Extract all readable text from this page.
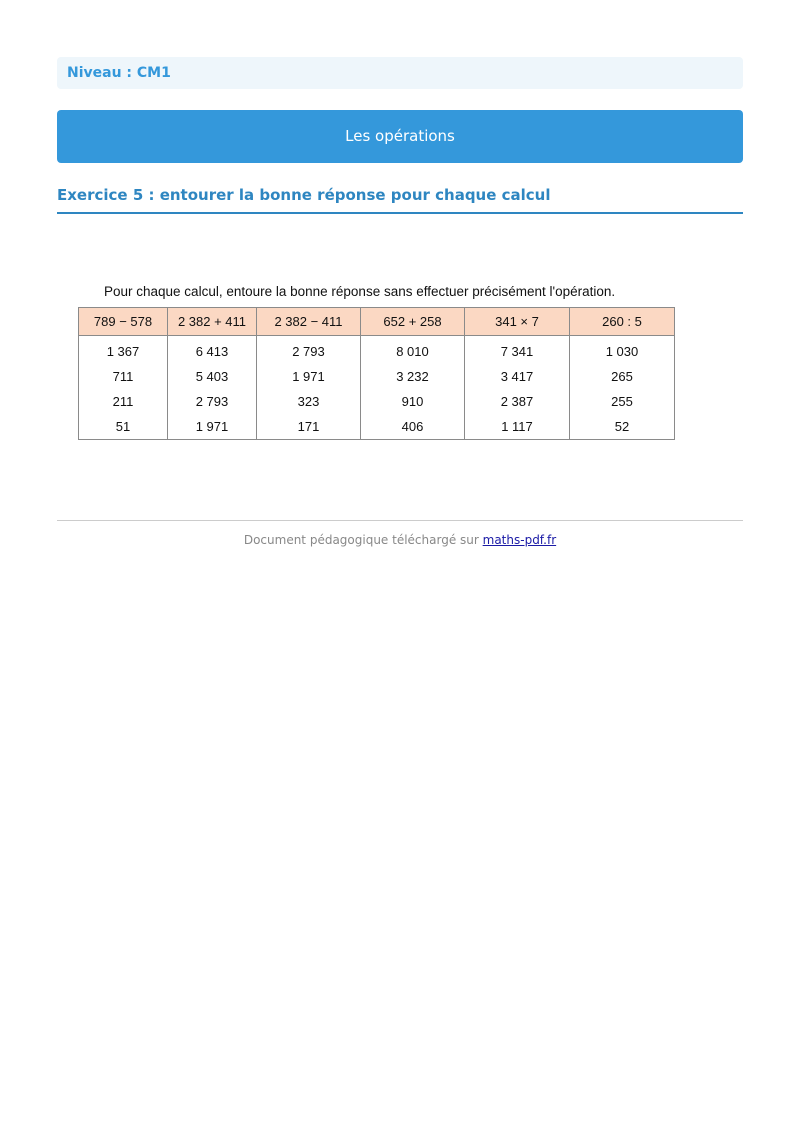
Niveau : CM1
Les opérations
Exercice 5 : entourer la bonne réponse pour chaque calcul
Pour chaque calcul, entoure la bonne réponse sans effectuer précisément l'opération.
789 − 578	2 382 + 411	2 382 − 411	652 + 258	341 × 7	260 : 5
1 367	6 413	2 793	8 010	7 341	1 030
711	5 403	1 971	3 232	3 417	265
211	2 793	323	910	2 387	255
51	1 971	171	406	1 117	52
Document pédagogique téléchargé sur maths-pdf.fr
